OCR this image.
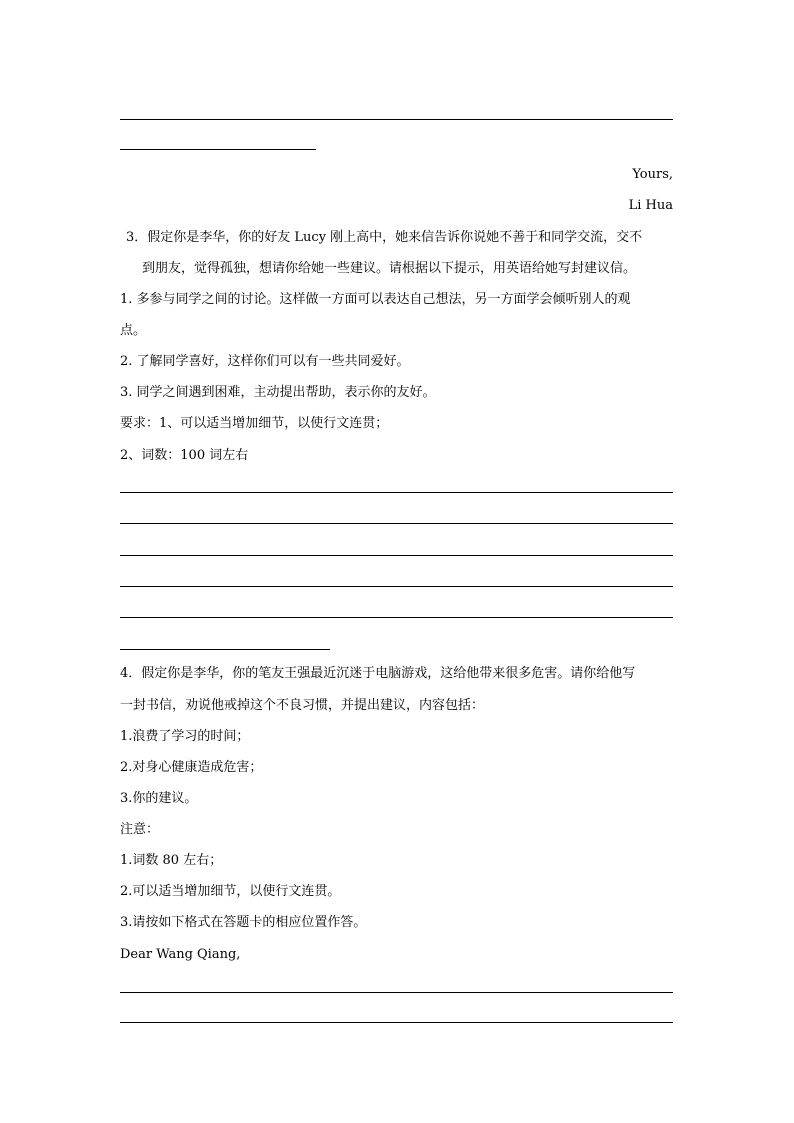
Yours,
Li Hua
3．假定你是李华，你的好友 Lucy 刚上高中，她来信告诉你说她不善于和同学交流，交不
到朋友，觉得孤独，想请你给她一些建议。请根据以下提示，用英语给她写封建议信。
1. 多参与同学之间的讨论。这样做一方面可以表达自己想法，另一方面学会倾听别人的观
点。
2. 了解同学喜好，这样你们可以有一些共同爱好。
3. 同学之间遇到困难，主动提出帮助，表示你的友好。
要求：1、可以适当增加细节，以使行文连贯；
2、词数：100 词左右
4．假定你是李华，你的笔友王强最近沉迷于电脑游戏，这给他带来很多危害。请你给他写
一封书信，劝说他戒掉这个不良习惯，并提出建议，内容包括：
1.浪费了学习的时间；
2.对身心健康造成危害；
3.你的建议。
注意：
1.词数 80 左右；
2.可以适当增加细节，以使行文连贯。
3.请按如下格式在答题卡的相应位置作答。
Dear Wang Qiang,
